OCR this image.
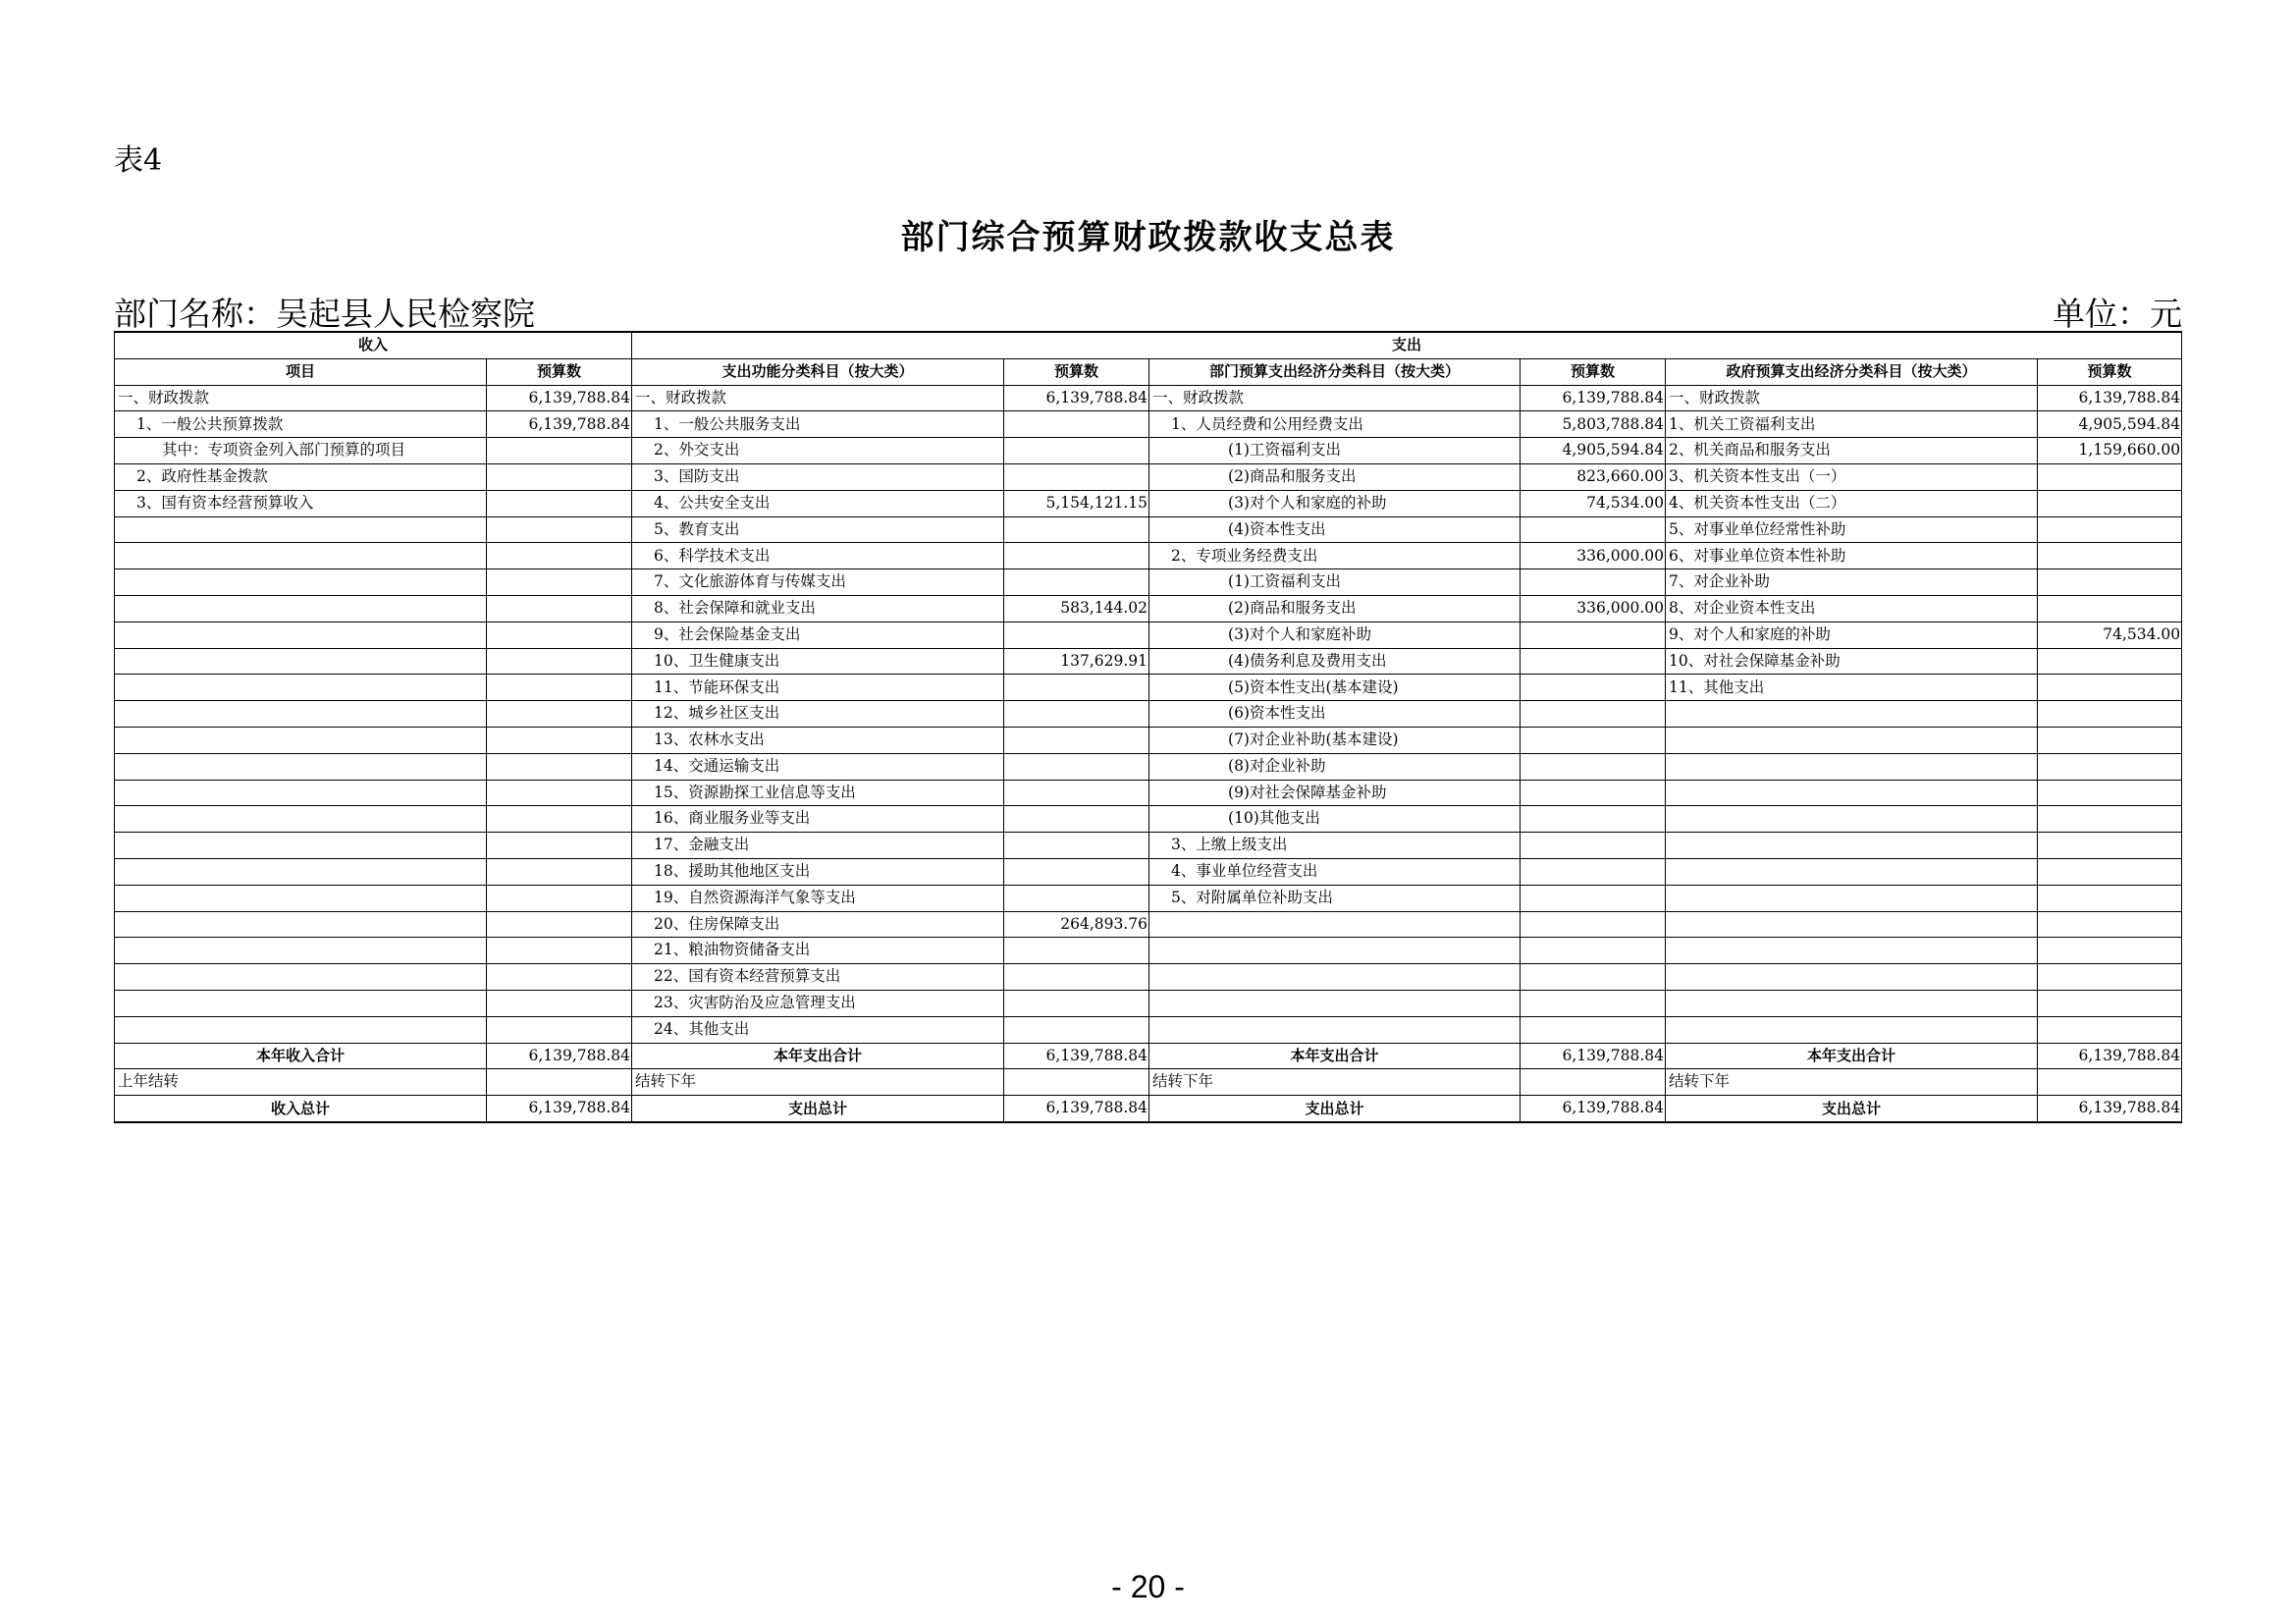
表4
部门综合预算财政拨款收支总表
部门名称：吴起县人民检察院	单位：元
收入		支出					
项目	预算数	支出功能分类科目（按大类）	预算数	部门预算支出经济分类科目（按大类）	预算数	政府预算支出经济分类科目（按大类）	预算数
一、财政拨款	6,139,788.84	一、财政拨款	6,139,788.84	一、财政拨款	6,139,788.84	一、财政拨款	6,139,788.84
1、一般公共预算拨款	6,139,788.84	1、一般公共服务支出		1、人员经费和公用经费支出	5,803,788.84	1、机关工资福利支出	4,905,594.84
其中：专项资金列入部门预算的项目		2、外交支出		(1)工资福利支出	4,905,594.84	2、机关商品和服务支出	1,159,660.00
2、政府性基金拨款		3、国防支出		(2)商品和服务支出	823,660.00	3、机关资本性支出（一）	
3、国有资本经营预算收入		4、公共安全支出	5,154,121.15	(3)对个人和家庭的补助	74,534.00	4、机关资本性支出（二）	
		5、教育支出		(4)资本性支出		5、对事业单位经常性补助	
		6、科学技术支出		2、专项业务经费支出	336,000.00	6、对事业单位资本性补助	
		7、文化旅游体育与传媒支出		(1)工资福利支出		7、对企业补助	
		8、社会保障和就业支出	583,144.02	(2)商品和服务支出	336,000.00	8、对企业资本性支出	
		9、社会保险基金支出		(3)对个人和家庭补助		9、对个人和家庭的补助	74,534.00
		10、卫生健康支出	137,629.91	(4)债务利息及费用支出		10、对社会保障基金补助	
		11、节能环保支出		(5)资本性支出(基本建设)		11、其他支出	
		12、城乡社区支出		(6)资本性支出			
		13、农林水支出		(7)对企业补助(基本建设)			
		14、交通运输支出		(8)对企业补助			
		15、资源勘探工业信息等支出		(9)对社会保障基金补助			
		16、商业服务业等支出		(10)其他支出			
		17、金融支出		3、上缴上级支出			
		18、援助其他地区支出		4、事业单位经营支出			
		19、自然资源海洋气象等支出		5、对附属单位补助支出			
		20、住房保障支出	264,893.76				
		21、粮油物资储备支出					
		22、国有资本经营预算支出					
		23、灾害防治及应急管理支出					
		24、其他支出					
本年收入合计	6,139,788.84	本年支出合计	6,139,788.84	本年支出合计	6,139,788.84	本年支出合计	6,139,788.84
上年结转		结转下年		结转下年		结转下年	
收入总计	6,139,788.84	支出总计	6,139,788.84	支出总计	6,139,788.84	支出总计	6,139,788.84
- 20 -
